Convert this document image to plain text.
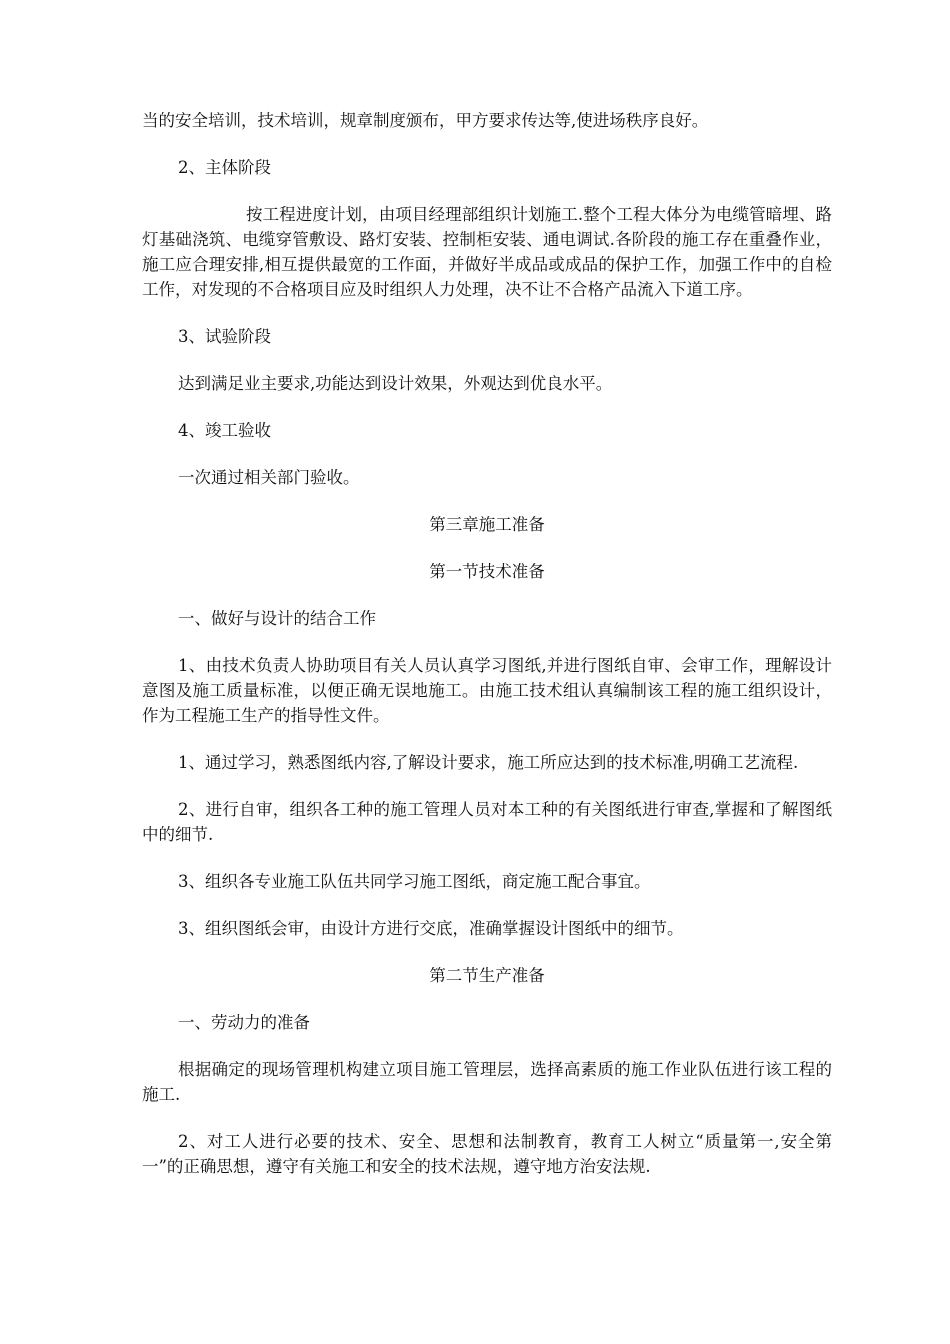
当的安全培训，技术培训，规章制度颁布，甲方要求传达等,使进场秩序良好。

2、主体阶段

按工程进度计划，由项目经理部组织计划施工.整个工程大体分为电缆管暗埋、路灯基础浇筑、电缆穿管敷设、路灯安装、控制柜安装、通电调试.各阶段的施工存在重叠作业，施工应合理安排,相互提供最宽的工作面，并做好半成品或成品的保护工作，加强工作中的自检工作，对发现的不合格项目应及时组织人力处理，决不让不合格产品流入下道工序。

3、试验阶段

达到满足业主要求,功能达到设计效果，外观达到优良水平。

4、竣工验收

一次通过相关部门验收。

第三章施工准备

第一节技术准备

一、做好与设计的结合工作

1、由技术负责人协助项目有关人员认真学习图纸,并进行图纸自审、会审工作，理解设计意图及施工质量标准，以便正确无误地施工。由施工技术组认真编制该工程的施工组织设计，作为工程施工生产的指导性文件。

1、通过学习，熟悉图纸内容,了解设计要求，施工所应达到的技术标准,明确工艺流程.

2、进行自审，组织各工种的施工管理人员对本工种的有关图纸进行审查,掌握和了解图纸中的细节.

3、组织各专业施工队伍共同学习施工图纸，商定施工配合事宜。

3、组织图纸会审，由设计方进行交底，准确掌握设计图纸中的细节。

第二节生产准备

一、劳动力的准备

根据确定的现场管理机构建立项目施工管理层，选择高素质的施工作业队伍进行该工程的施工.

2、对工人进行必要的技术、安全、思想和法制教育，教育工人树立“质量第一,安全第一”的正确思想，遵守有关施工和安全的技术法规，遵守地方治安法规.
